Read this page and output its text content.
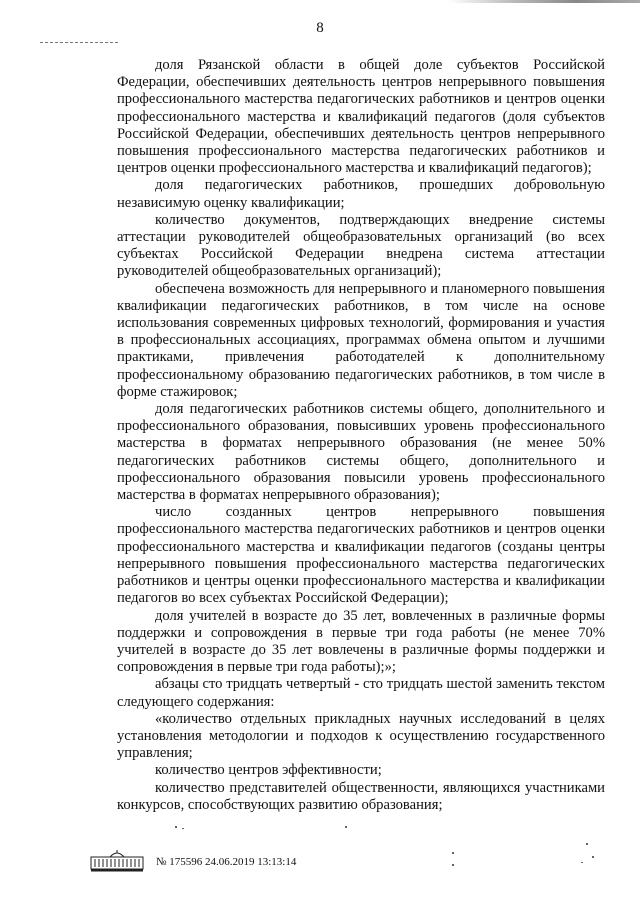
8

доля Рязанской области в общей доле субъектов Российской Федерации, обеспечивших деятельность центров непрерывного повышения профессионального мастерства педагогических работников и центров оценки профессионального мастерства и квалификаций педагогов (доля субъектов Российской Федерации, обеспечивших деятельность центров непрерывного повышения профессионального мастерства педагогических работников и центров оценки профессионального мастерства и квалификаций педагогов);

доля педагогических работников, прошедших добровольную независимую оценку квалификации;

количество документов, подтверждающих внедрение системы аттестации руководителей общеобразовательных организаций (во всех субъектах Российской Федерации внедрена система аттестации руководителей общеобразовательных организаций);

обеспечена возможность для непрерывного и планомерного повышения квалификации педагогических работников, в том числе на основе использования современных цифровых технологий, формирования и участия в профессиональных ассоциациях, программах обмена опытом и лучшими практиками, привлечения работодателей к дополнительному профессиональному образованию педагогических работников, в том числе в форме стажировок;

доля педагогических работников системы общего, дополнительного и профессионального образования, повысивших уровень профессионального мастерства в форматах непрерывного образования (не менее 50% педагогических работников системы общего, дополнительного и профессионального образования повысили уровень профессионального мастерства в форматах непрерывного образования);

число созданных центров непрерывного повышения профессионального мастерства педагогических работников и центров оценки профессионального мастерства и квалификации педагогов (созданы центры непрерывного повышения профессионального мастерства педагогических работников и центры оценки профессионального мастерства и квалификации педагогов во всех субъектах Российской Федерации);

доля учителей в возрасте до 35 лет, вовлеченных в различные формы поддержки и сопровождения в первые три года работы (не менее 70% учителей в возрасте до 35 лет вовлечены в различные формы поддержки и сопровождения в первые три года работы);»;

абзацы сто тридцать четвертый - сто тридцать шестой заменить текстом следующего содержания:

«количество отдельных прикладных научных исследований в целях установления методологии и подходов к осуществлению государственного управления;

количество центров эффективности;

количество представителей общественности, являющихся участниками конкурсов, способствующих развитию образования;

№ 175596 24.06.2019 13:13:14
